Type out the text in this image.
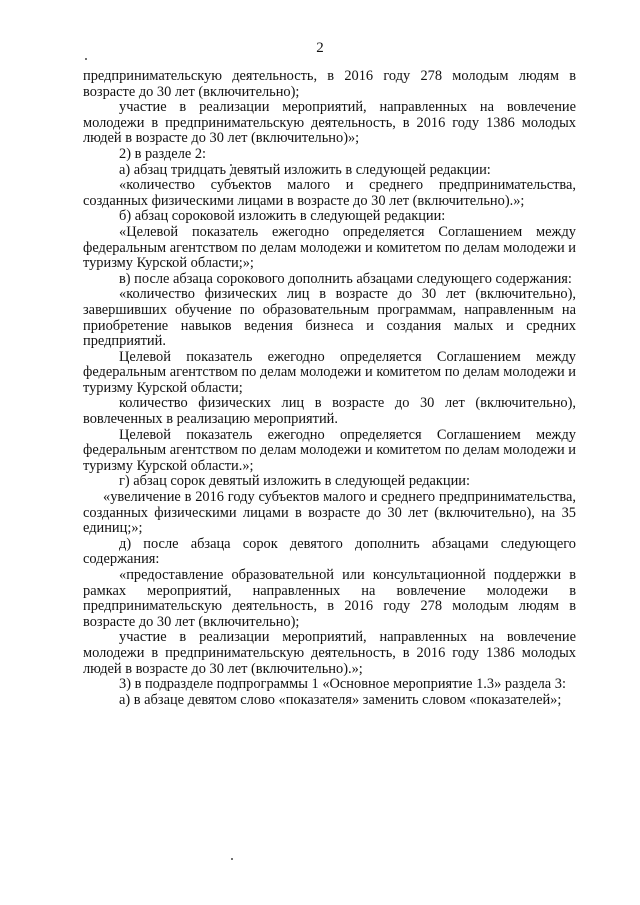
2

предпринимательскую деятельность, в 2016 году 278 молодым людям в возрасте до 30 лет (включительно);

участие в реализации мероприятий, направленных на вовлечение молодежи в предпринимательскую деятельность, в 2016 году 1386 молодых людей в возрасте до 30 лет (включительно)»;

2) в разделе 2:

а) абзац тридцать девятый изложить в следующей редакции:

«количество субъектов малого и среднего предпринимательства, созданных физическими лицами в возрасте до 30 лет (включительно).»;

б) абзац сороковой изложить в следующей редакции:

«Целевой показатель ежегодно определяется Соглашением между федеральным агентством по делам молодежи и комитетом по делам молодежи и туризму Курской области;»;

в) после абзаца сорокового дополнить абзацами следующего содержания:

«количество физических лиц в возрасте до 30 лет (включительно), завершивших обучение по образовательным программам, направленным на приобретение навыков ведения бизнеса и создания малых и средних предприятий.

Целевой показатель ежегодно определяется Соглашением между федеральным агентством по делам молодежи и комитетом по делам молодежи и туризму Курской области;

количество физических лиц в возрасте до 30 лет (включительно), вовлеченных в реализацию мероприятий.

Целевой показатель ежегодно определяется Соглашением между федеральным агентством по делам молодежи и комитетом по делам молодежи и туризму Курской области.»;

г) абзац сорок девятый изложить в следующей редакции:

«увеличение в 2016 году субъектов малого и среднего предпринимательства, созданных физическими лицами в возрасте до 30 лет (включительно), на 35 единиц;»;

д) после абзаца сорок девятого дополнить абзацами следующего содержания:

«предоставление образовательной или консультационной поддержки в рамках мероприятий, направленных на вовлечение молодежи в предпринимательскую деятельность, в 2016 году 278 молодым людям в возрасте до 30 лет (включительно);

участие в реализации мероприятий, направленных на вовлечение молодежи в предпринимательскую деятельность, в 2016 году 1386 молодых людей в возрасте до 30 лет (включительно).»;

3) в подразделе подпрограммы 1 «Основное мероприятие 1.3» раздела 3:

а) в абзаце девятом слово «показателя» заменить словом «показателей»;
